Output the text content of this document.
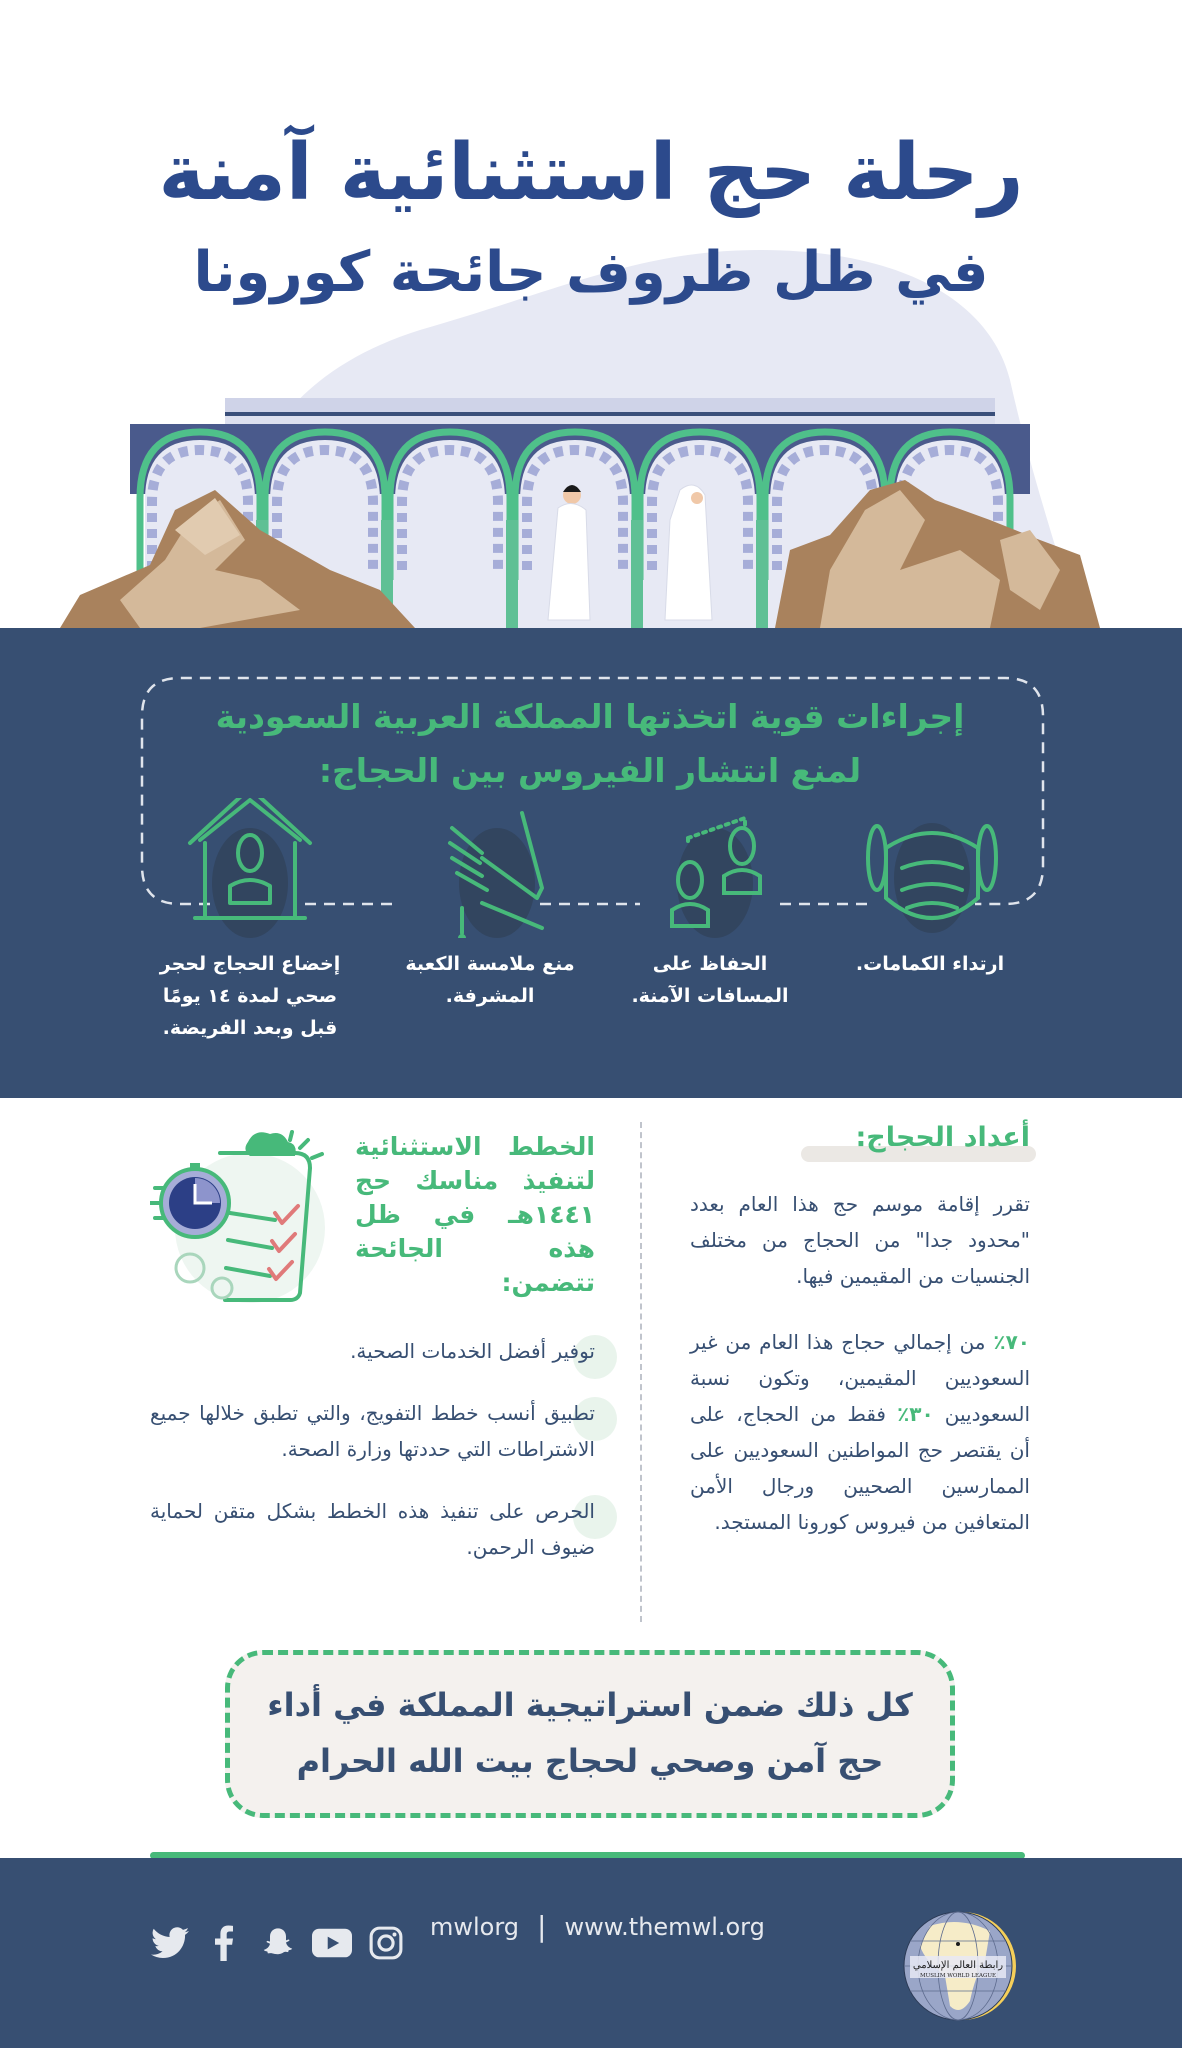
رحلة حج استثنائية آمنة
في ظل ظروف جائحة كورونا
إجراءات قوية اتخذتها المملكة العربية السعودية
لمنع انتشار الفيروس بين الحجاج:
ارتداء الكمامات.
الحفاظ على
المسافات الآمنة.
منع ملامسة الكعبة
المشرفة.
إخضاع الحجاج لحجر
صحي لمدة ١٤ يومًا
قبل وبعد الفريضة.
أعداد الحجاج:

تقرر إقامة موسم حج هذا العام بعدد "محدود جدا" من الحجاج من مختلف الجنسيات من المقيمين فيها.

٧٠٪ من إجمالي حجاج هذا العام من غير السعوديين المقيمين، وتكون نسبة السعوديين ٣٠٪ فقط من الحجاج، على أن يقتصر حج المواطنين السعوديين على الممارسين الصحيين ورجال الأمن المتعافين من فيروس كورونا المستجد.

الخطط الاستثنائية لتنفيذ مناسك حج ١٤٤١هـ في ظل هذه الجائحة تتضمن:
توفير أفضل الخدمات الصحية.
تطبيق أنسب خطط التفويج، والتي تطبق خلالها جميع الاشتراطات التي حددتها وزارة الصحة.
الحرص على تنفيذ هذه الخطط بشكل متقن لحماية ضيوف الرحمن.
كل ذلك ضمن استراتيجية المملكة في أداء
حج آمن وصحي لحجاج بيت الله الحرام
mwlorg | www.themwl.org
رابطة العالم الإسلامي
MUSLIM WORLD LEAGUE
